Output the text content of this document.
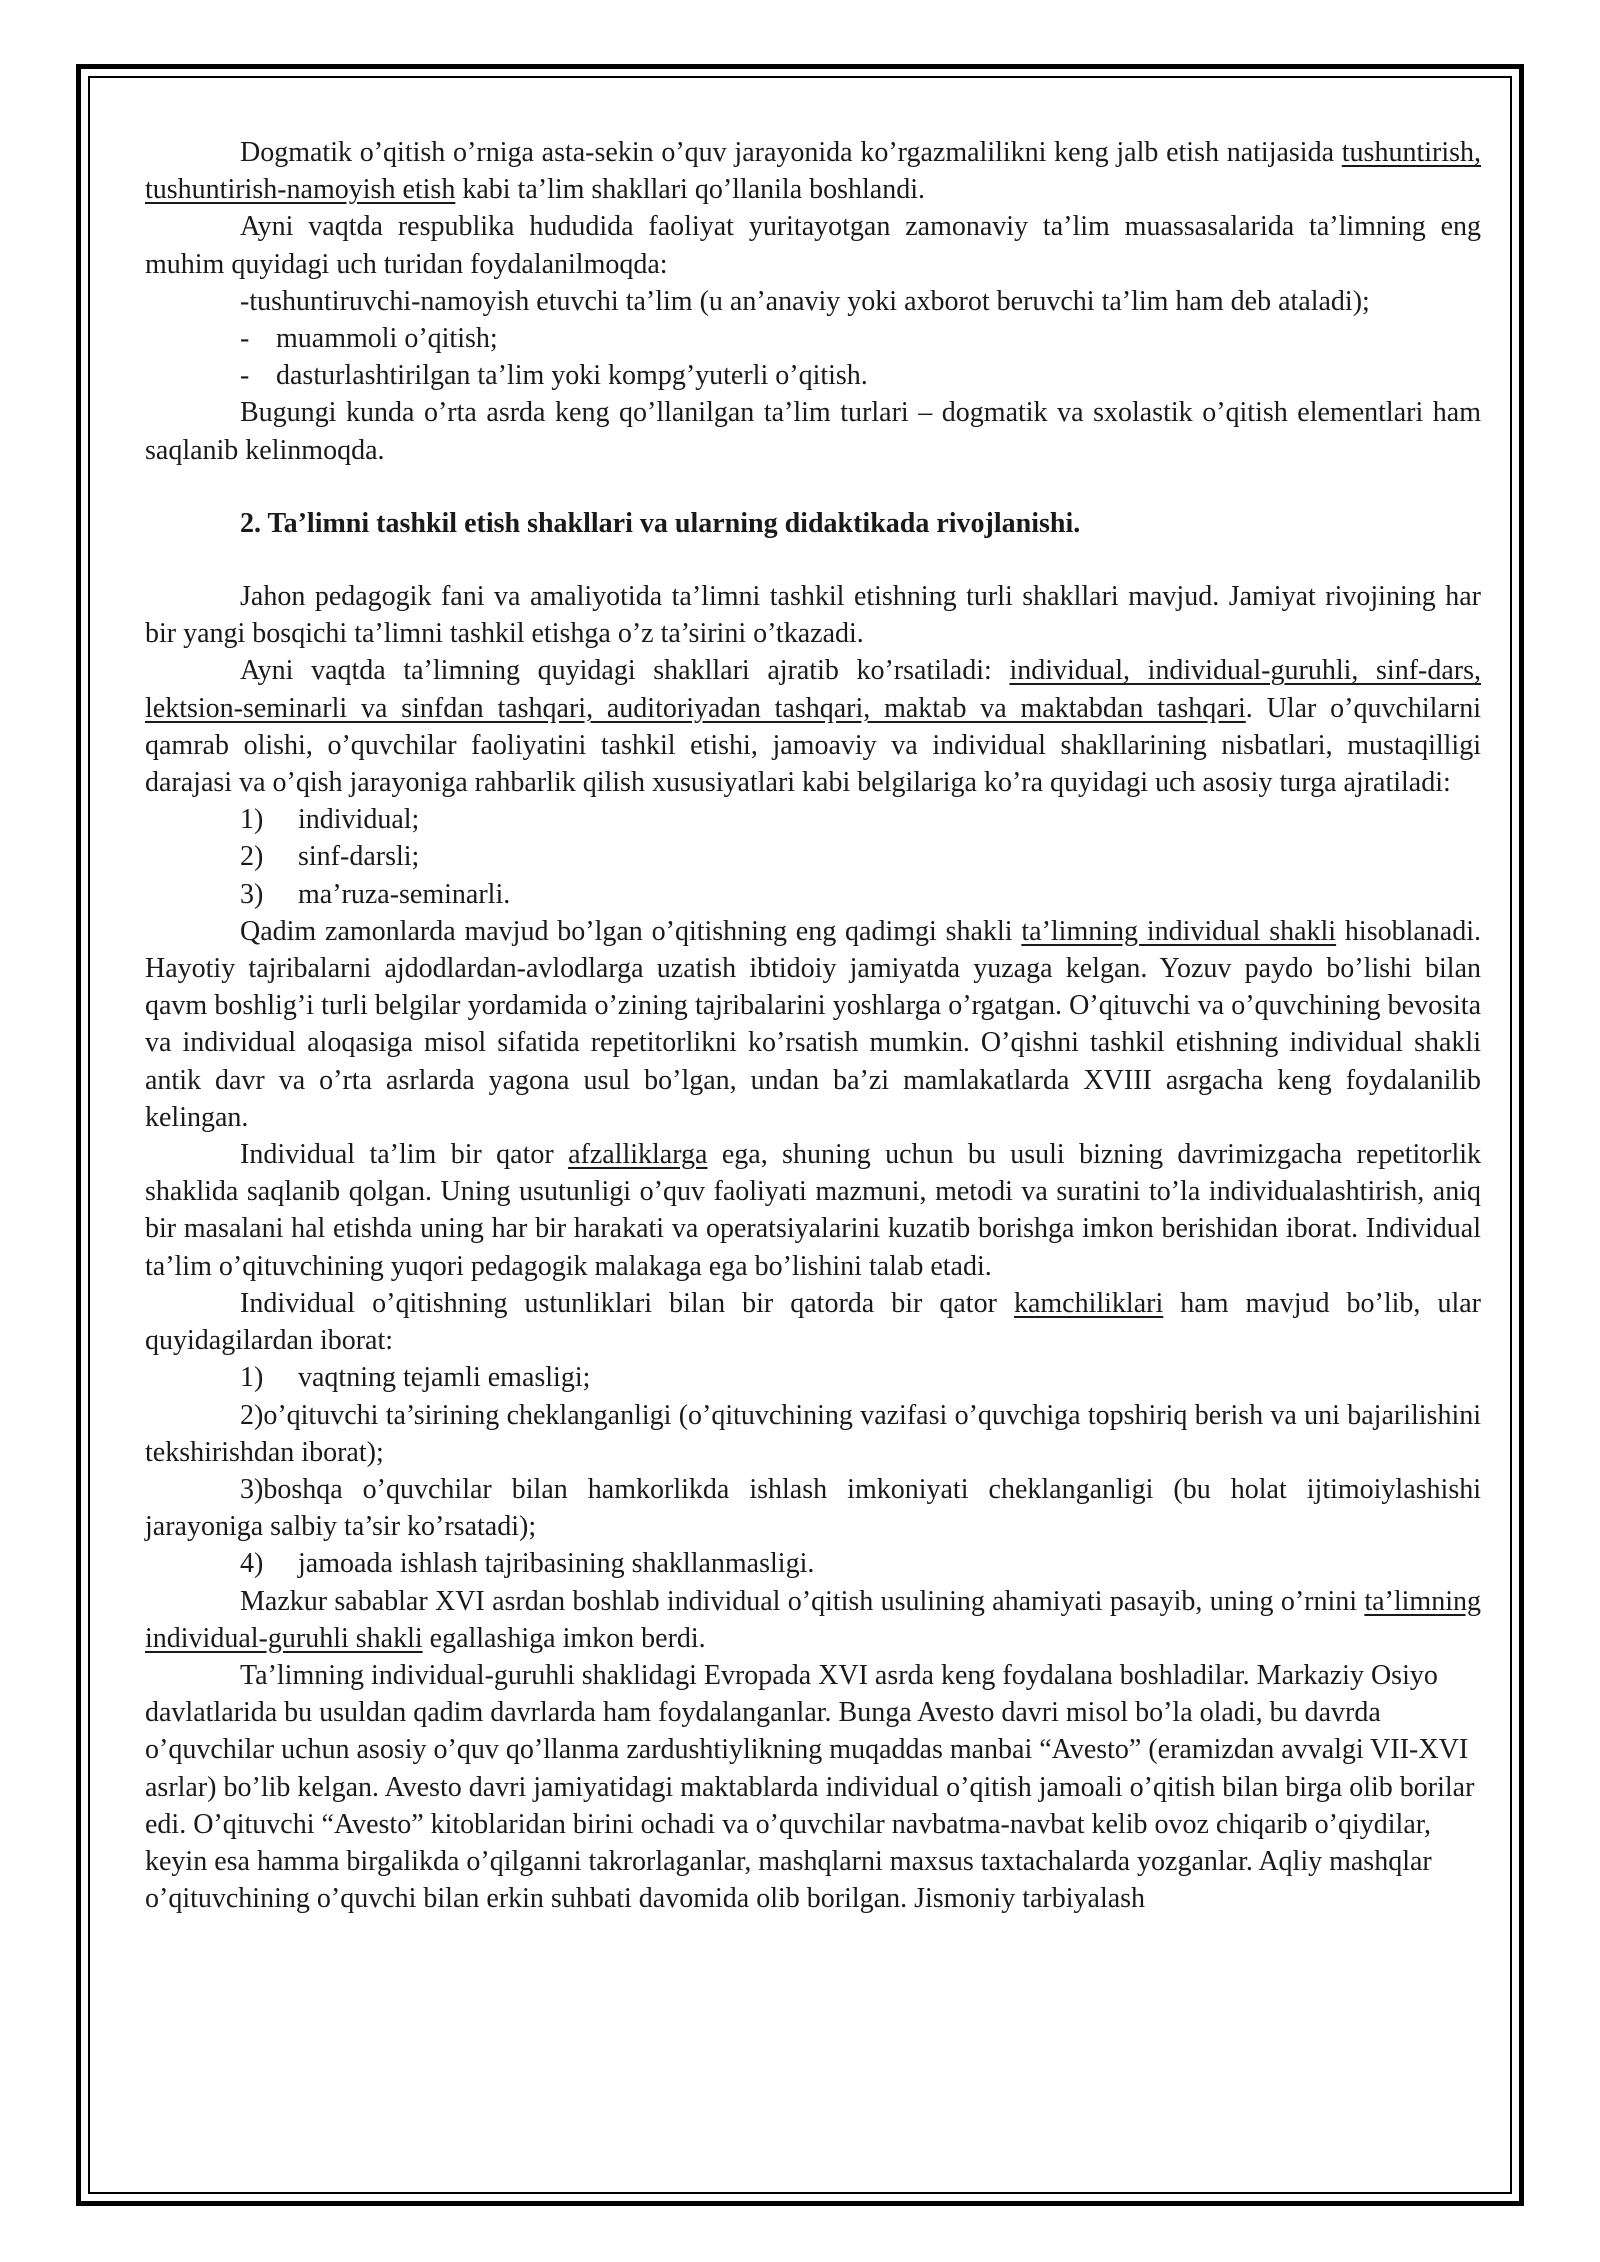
Dogmatik o’qitish o’rniga asta-sekin o’quv jarayonida ko’rgazmalilikni keng jalb etish natijasida tushuntirish, tushuntirish-namoyish etish kabi ta’lim shakllari qo’llanila boshlandi.

Ayni vaqtda respublika hududida faoliyat yuritayotgan zamonaviy ta’lim muassasalarida ta’limning eng muhim quyidagi uch turidan foydalanilmoqda:

-tushuntiruvchi-namoyish etuvchi ta’lim (u an’anaviy yoki axborot beruvchi ta’lim ham deb ataladi);

- muammoli o’qitish;

- dasturlashtirilgan ta’lim yoki kompg’yuterli o’qitish.

Bugungi kunda o’rta asrda keng qo’llanilgan ta’lim turlari – dogmatik va sxolastik o’qitish elementlari ham saqlanib kelinmoqda.

2. Ta’limni tashkil etish shakllari va ularning didaktikada rivojlanishi.

Jahon pedagogik fani va amaliyotida ta’limni tashkil etishning turli shakllari mavjud. Jamiyat rivojining har bir yangi bosqichi ta’limni tashkil etishga o’z ta’sirini o’tkazadi.

Ayni vaqtda ta’limning quyidagi shakllari ajratib ko’rsatiladi: individual, individual-guruhli, sinf-dars, lektsion-seminarli va sinfdan tashqari, auditoriyadan tashqari, maktab va maktabdan tashqari. Ular o’quvchilarni qamrab olishi, o’quvchilar faoliyatini tashkil etishi, jamoaviy va individual shakllarining nisbatlari, mustaqilligi darajasi va o’qish jarayoniga rahbarlik qilish xususiyatlari kabi belgilariga ko’ra quyidagi uch asosiy turga ajratiladi:

1) individual;

2) sinf-darsli;

3) ma’ruza-seminarli.

Qadim zamonlarda mavjud bo’lgan o’qitishning eng qadimgi shakli ta’limning individual shakli hisoblanadi. Hayotiy tajribalarni ajdodlardan-avlodlarga uzatish ibtidoiy jamiyatda yuzaga kelgan. Yozuv paydo bo’lishi bilan qavm boshlig’i turli belgilar yordamida o’zining tajribalarini yoshlarga o’rgatgan. O’qituvchi va o’quvchining bevosita va individual aloqasiga misol sifatida repetitorlikni ko’rsatish mumkin. O’qishni tashkil etishning individual shakli antik davr va o’rta asrlarda yagona usul bo’lgan, undan ba’zi mamlakatlarda XVIII asrgacha keng foydalanilib kelingan.

Individual ta’lim bir qator afzalliklarga ega, shuning uchun bu usuli bizning davrimizgacha repetitorlik shaklida saqlanib qolgan. Uning usutunligi o’quv faoliyati mazmuni, metodi va suratini to’la individualashtirish, aniq bir masalani hal etishda uning har bir harakati va operatsiyalarini kuzatib borishga imkon berishidan iborat. Individual ta’lim o’qituvchining yuqori pedagogik malakaga ega bo’lishini talab etadi.

Individual o’qitishning ustunliklari bilan bir qatorda bir qator kamchiliklari ham mavjud bo’lib, ular quyidagilardan iborat:

1) vaqtning tejamli emasligi;

2)o’qituvchi ta’sirining cheklanganligi (o’qituvchining vazifasi o’quvchiga topshiriq berish va uni bajarilishini tekshirishdan iborat);

3)boshqa o’quvchilar bilan hamkorlikda ishlash imkoniyati cheklanganligi (bu holat ijtimoiylashishi jarayoniga salbiy ta’sir ko’rsatadi);

4) jamoada ishlash tajribasining shakllanmasligi.

Mazkur sabablar XVI asrdan boshlab individual o’qitish usulining ahamiyati pasayib, uning o’rnini ta’limning individual-guruhli shakli egallashiga imkon berdi.

Ta’limning individual-guruhli shaklidagi Evropada XVI asrda keng foydalana boshladilar. Markaziy Osiyo davlatlarida bu usuldan qadim davrlarda ham foydalanganlar. Bunga Avesto davri misol bo’la oladi, bu davrda o’quvchilar uchun asosiy o’quv qo’llanma zardushtiylikning muqaddas manbai “Avesto” (eramizdan avvalgi VII-XVI asrlar) bo’lib kelgan. Avesto davri jamiyatidagi maktablarda individual o’qitish jamoali o’qitish bilan birga olib borilar edi. O’qituvchi “Avesto” kitoblaridan birini ochadi va o’quvchilar navbatma-navbat kelib ovoz chiqarib o’qiydilar, keyin esa hamma birgalikda o’qilganni takrorlaganlar, mashqlarni maxsus taxtachalarda yozganlar. Aqliy mashqlar o’qituvchining o’quvchi bilan erkin suhbati davomida olib borilgan. Jismoniy tarbiyalash
